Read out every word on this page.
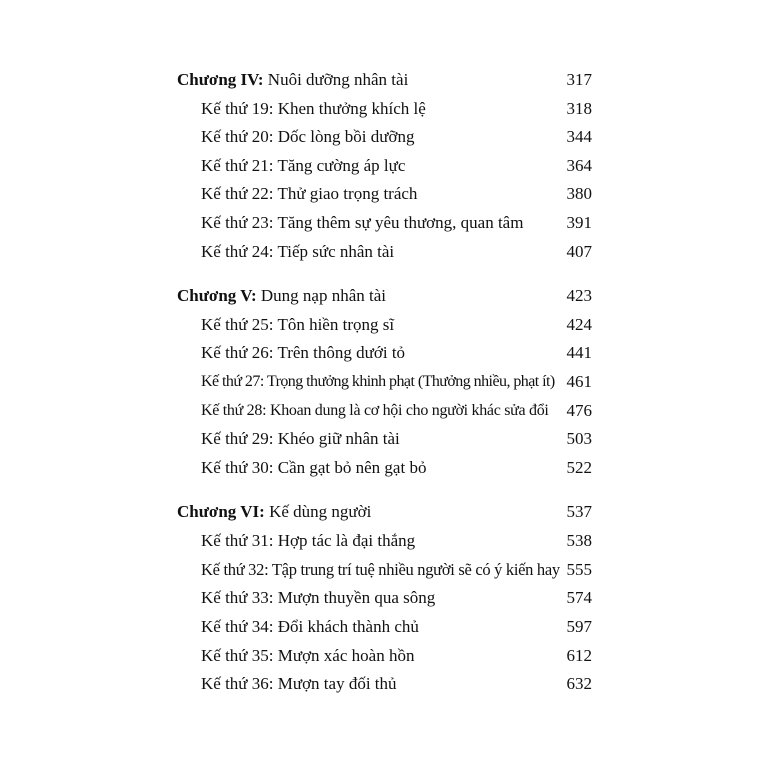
Chương IV: Nuôi dưỡng nhân tài	317
Kế thứ 19: Khen thưởng khích lệ	318
Kế thứ 20: Dốc lòng bồi dưỡng	344
Kế thứ 21: Tăng cường áp lực	364
Kế thứ 22: Thử giao trọng trách	380
Kế thứ 23: Tăng thêm sự yêu thương, quan tâm	391
Kế thứ 24: Tiếp sức nhân tài	407
Chương V: Dung nạp nhân tài	423
Kế thứ 25: Tôn hiền trọng sĩ	424
Kế thứ 26: Trên thông dưới tỏ	441
Kế thứ 27: Trọng thưởng khinh phạt (Thưởng nhiều, phạt ít) 461
Kế thứ 28: Khoan dung là cơ hội cho người khác sửa đổi	476
Kế thứ 29: Khéo giữ nhân tài	503
Kế thứ 30: Cần gạt bỏ nên gạt bỏ	522
Chương VI: Kế dùng người	537
Kế thứ 31: Hợp tác là đại thắng	538
Kế thứ 32: Tập trung trí tuệ nhiều người sẽ có ý kiến hay 555
Kế thứ 33: Mượn thuyền qua sông	574
Kế thứ 34: Đổi khách thành chủ	597
Kế thứ 35: Mượn xác hoàn hồn	612
Kế thứ 36: Mượn tay đối thủ	632
